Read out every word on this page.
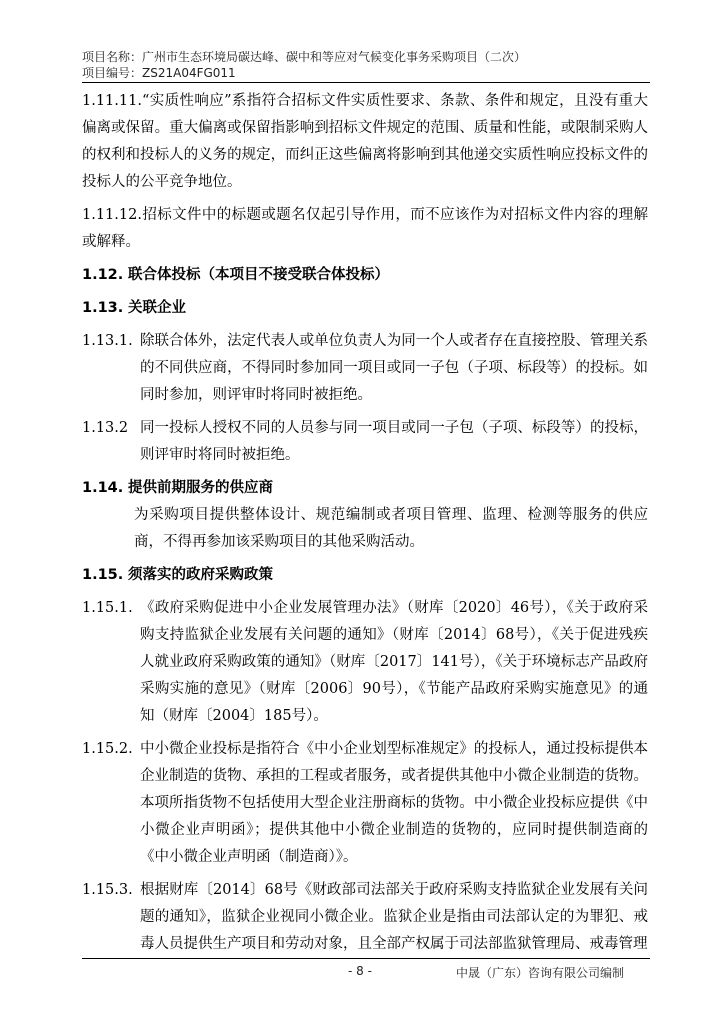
项目名称：广州市生态环境局碳达峰、碳中和等应对气候变化事务采购项目（二次）
项目编号：ZS21A04FG011
1.11.11.“实质性响应”系指符合招标文件实质性要求、条款、条件和规定，且没有重大偏离或保留。重大偏离或保留指影响到招标文件规定的范围、质量和性能，或限制采购人的权利和投标人的义务的规定，而纠正这些偏离将影响到其他递交实质性响应投标文件的投标人的公平竞争地位。
1.11.12.招标文件中的标题或题名仅起引导作用，而不应该作为对招标文件内容的理解或解释。
1.12. 联合体投标（本项目不接受联合体投标）
1.13. 关联企业
1.13.1. 除联合体外，法定代表人或单位负责人为同一个人或者存在直接控股、管理关系的不同供应商，不得同时参加同一项目或同一子包（子项、标段等）的投标。如同时参加，则评审时将同时被拒绝。
1.13.2 同一投标人授权不同的人员参与同一项目或同一子包（子项、标段等）的投标，则评审时将同时被拒绝。
1.14. 提供前期服务的供应商
为采购项目提供整体设计、规范编制或者项目管理、监理、检测等服务的供应商，不得再参加该采购项目的其他采购活动。
1.15. 须落实的政府采购政策
1.15.1. 《政府采购促进中小企业发展管理办法》（财库〔2020〕46号），《关于政府采购支持监狱企业发展有关问题的通知》（财库〔2014〕68号），《关于促进残疾人就业政府采购政策的通知》（财库〔2017〕141号），《关于环境标志产品政府采购实施的意见》（财库〔2006〕90号），《节能产品政府采购实施意见》的通知（财库〔2004〕185号）。
1.15.2. 中小微企业投标是指符合《中小企业划型标准规定》的投标人，通过投标提供本企业制造的货物、承担的工程或者服务，或者提供其他中小微企业制造的货物。本项所指货物不包括使用大型企业注册商标的货物。中小微企业投标应提供《中小微企业声明函》；提供其他中小微企业制造的货物的，应同时提供制造商的《中小微企业声明函（制造商）》。
1.15.3. 根据财库〔2014〕68号《财政部司法部关于政府采购支持监狱企业发展有关问题的通知》，监狱企业视同小微企业。监狱企业是指由司法部认定的为罪犯、戒毒人员提供生产项目和劳动对象，且全部产权属于司法部监狱管理局、戒毒管理
- 8 -	中晟（广东）咨询有限公司编制
